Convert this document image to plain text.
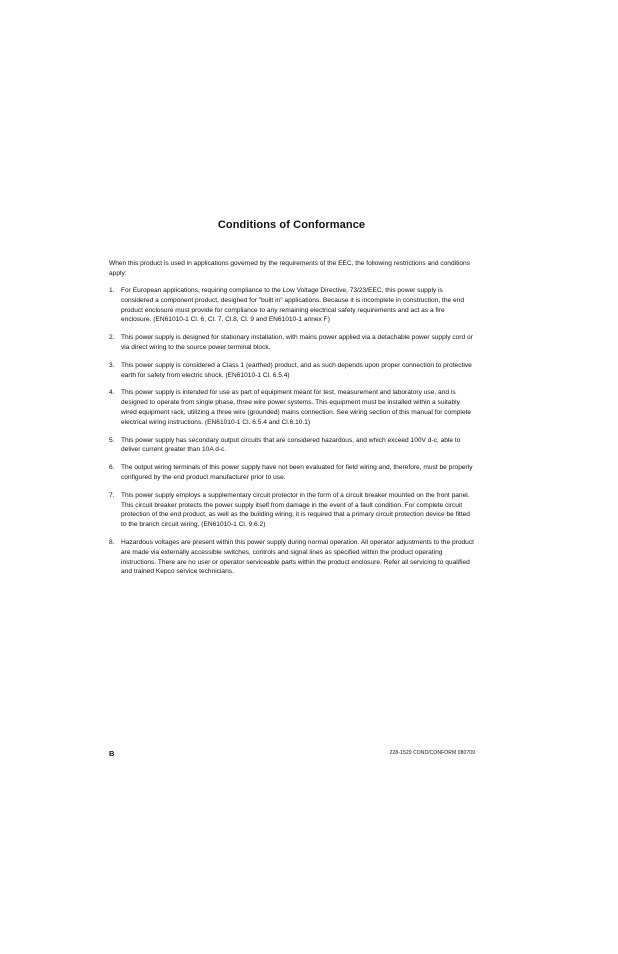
Conditions of Conformance
When this product is used in applications governed by the requirements of the EEC, the following restrictions and conditions apply:
1. For European applications, requiring compliance to the Low Voltage Directive, 73/23/EEC, this power supply is considered a component product, designed for "built in" applications. Because it is incomplete in construction, the end product enclosure must provide for compliance to any remaining electrical safety requirements and act as a fire enclosure. (EN61010-1 Cl. 6, Cl. 7, Cl.8, Cl. 9 and EN61010-1 annex F)
2. This power supply is designed for stationary installation, with mains power applied via a detachable power supply cord or via direct wiring to the source power terminal block.
3. This power supply is considered a Class 1 (earthed) product, and as such depends upon proper connection to protective earth for safety from electric shock. (EN61010-1 Cl. 6.5.4)
4. This power supply is intended for use as part of equipment meant for test, measurement and laboratory use, and is designed to operate from single phase, three wire power systems. This equipment must be installed within a suitably wired equipment rack, utilizing a three wire (grounded) mains connection. See wiring section of this manual for complete electrical wiring instructions. (EN61010-1 Cl. 6.5.4 and Cl.6.10.1)
5. This power supply has secondary output circuits that are considered hazardous, and which exceed 100V d-c, able to deliver current greater than 10A d-c.
6. The output wiring terminals of this power supply have not been evaluated for field wiring and, therefore, must be properly configured by the end product manufacturer prior to use.
7. This power supply employs a supplementary circuit protector in the form of a circuit breaker mounted on the front panel. This circuit breaker protects the power supply itself from damage in the event of a fault condition. For complete circuit protection of the end product, as well as the building wiring, it is required that a primary circuit protection device be fitted to the branch circuit wiring. (EN61010-1 Cl. 9.6.2)
8. Hazardous voltages are present within this power supply during normal operation. All operator adjustments to the product are made via externally accessible switches, controls and signal lines as specified within the product operating instructions. There are no user or operator serviceable parts within the product enclosure. Refer all servicing to qualified and trained Kepco service technicians.
B	228-1529 COND/CONFORM 080709
